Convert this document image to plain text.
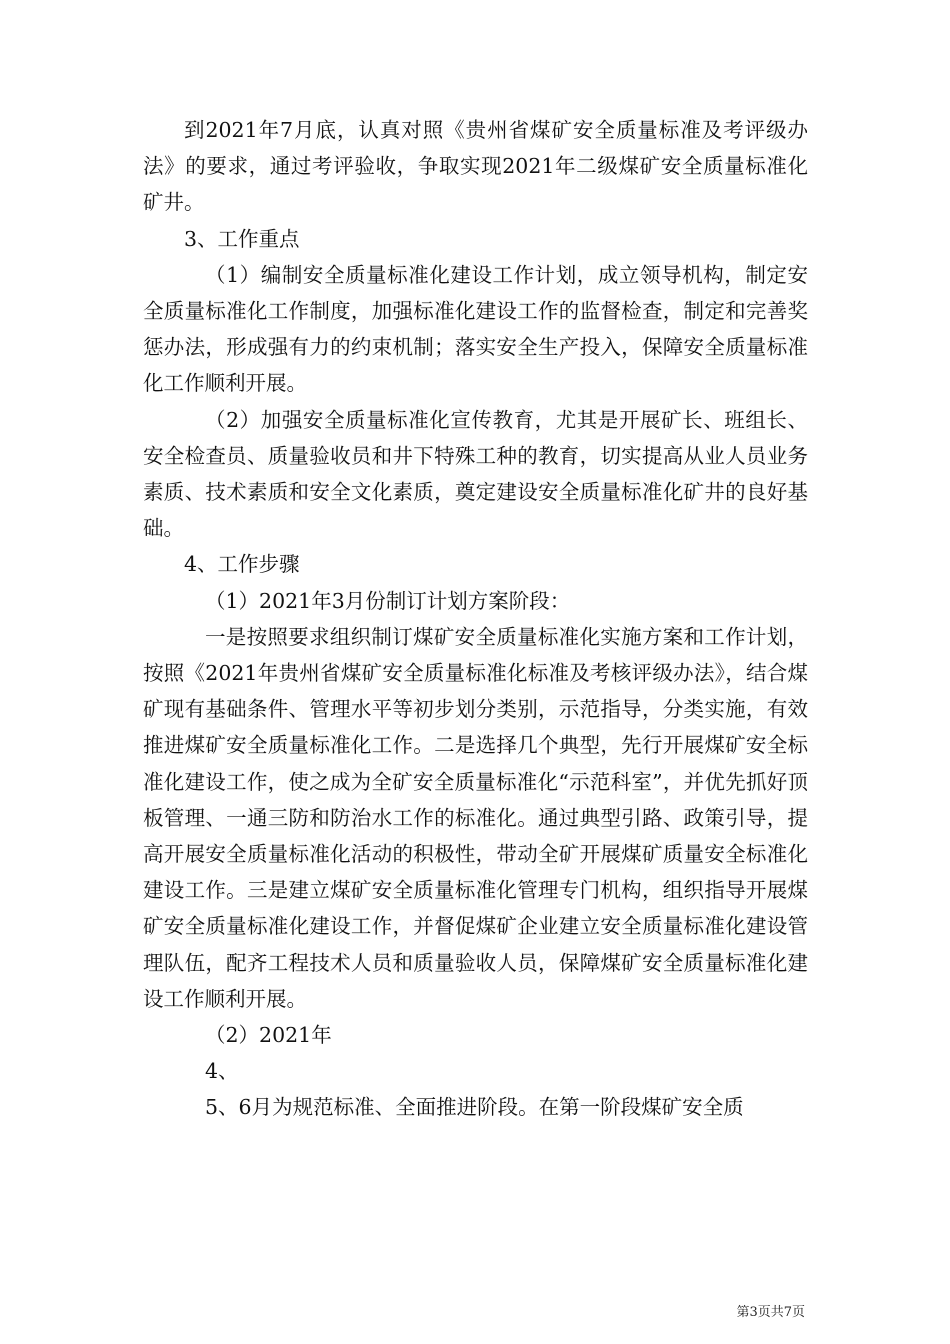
到2021年7月底，认真对照《贵州省煤矿安全质量标准及考评级办法》的要求，通过考评验收，争取实现2021年二级煤矿安全质量标准化矿井。

3、工作重点

（1）编制安全质量标准化建设工作计划，成立领导机构，制定安全质量标准化工作制度，加强标准化建设工作的监督检查，制定和完善奖惩办法，形成强有力的约束机制；落实安全生产投入，保障安全质量标准化工作顺利开展。

（2）加强安全质量标准化宣传教育，尤其是开展矿长、班组长、安全检查员、质量验收员和井下特殊工种的教育，切实提高从业人员业务素质、技术素质和安全文化素质，奠定建设安全质量标准化矿井的良好基础。

4、工作步骤

（1）2021年3月份制订计划方案阶段：

一是按照要求组织制订煤矿安全质量标准化实施方案和工作计划，按照《2021年贵州省煤矿安全质量标准化标准及考核评级办法》，结合煤矿现有基础条件、管理水平等初步划分类别，示范指导，分类实施，有效推进煤矿安全质量标准化工作。二是选择几个典型，先行开展煤矿安全标准化建设工作，使之成为全矿安全质量标准化“示范科室”，并优先抓好顶板管理、一通三防和防治水工作的标准化。通过典型引路、政策引导，提高开展安全质量标准化活动的积极性，带动全矿开展煤矿质量安全标准化建设工作。三是建立煤矿安全质量标准化管理专门机构，组织指导开展煤矿安全质量标准化建设工作，并督促煤矿企业建立安全质量标准化建设管理队伍，配齐工程技术人员和质量验收人员，保障煤矿安全质量标准化建设工作顺利开展。

（2）2021年

4、

5、6月为规范标准、全面推进阶段。在第一阶段煤矿安全质

第3页共7页
